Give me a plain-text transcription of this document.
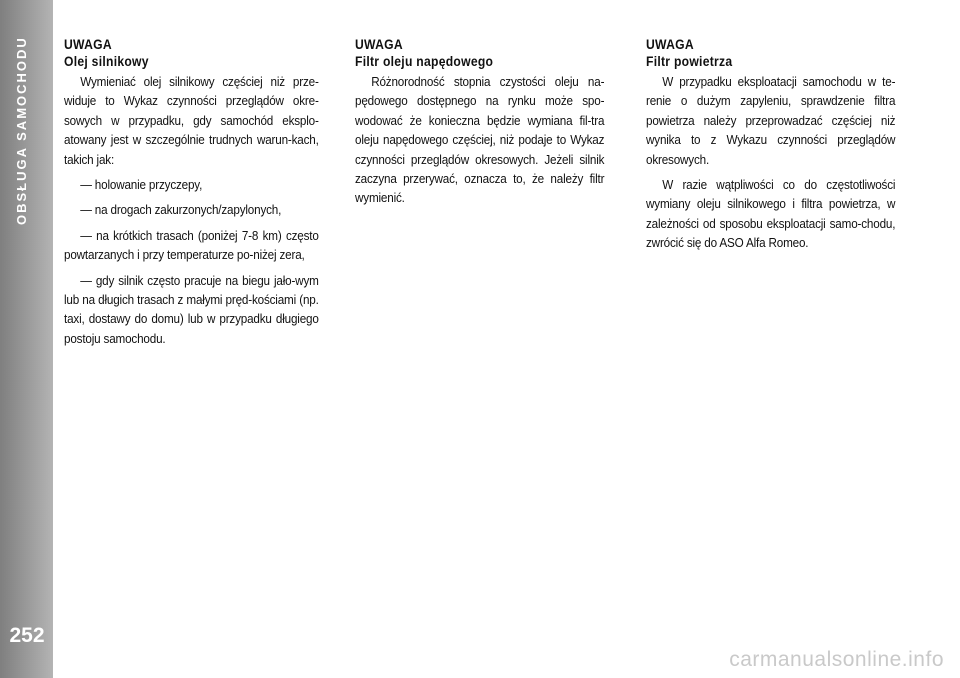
OBSŁUGA SAMOCHODU
252

UWAGA

Olej silnikowy

Wymieniać olej silnikowy częściej niż prze-widuje to Wykaz czynności przeglądów okre-sowych w przypadku, gdy samochód eksplo-atowany jest w szczególnie trudnych warun-kach, takich jak:

— holowanie przyczepy,

— na drogach zakurzonych/zapylonych,

— na krótkich trasach (poniżej 7-8 km) często powtarzanych i przy temperaturze po-niżej zera,

— gdy silnik często pracuje na biegu jało-wym lub na długich trasach z małymi pręd-kościami (np. taxi, dostawy do domu) lub w przypadku długiego postoju samochodu.

UWAGA

Filtr oleju napędowego

Różnorodność stopnia czystości oleju na-pędowego dostępnego na rynku może spo-wodować że konieczna będzie wymiana fil-tra oleju napędowego częściej, niż podaje to Wykaz czynności przeglądów okresowych. Jeżeli silnik zaczyna przerywać, oznacza to, że należy filtr wymienić.

UWAGA

Filtr powietrza

W przypadku eksploatacji samochodu w te-renie o dużym zapyleniu, sprawdzenie filtra powietrza należy przeprowadzać częściej niż wynika to z Wykazu czynności przeglądów okresowych.

W razie wątpliwości co do częstotliwości wymiany oleju silnikowego i filtra powietrza, w zależności od sposobu eksploatacji samo-chodu, zwrócić się do ASO Alfa Romeo.

carmanualsonline.info
